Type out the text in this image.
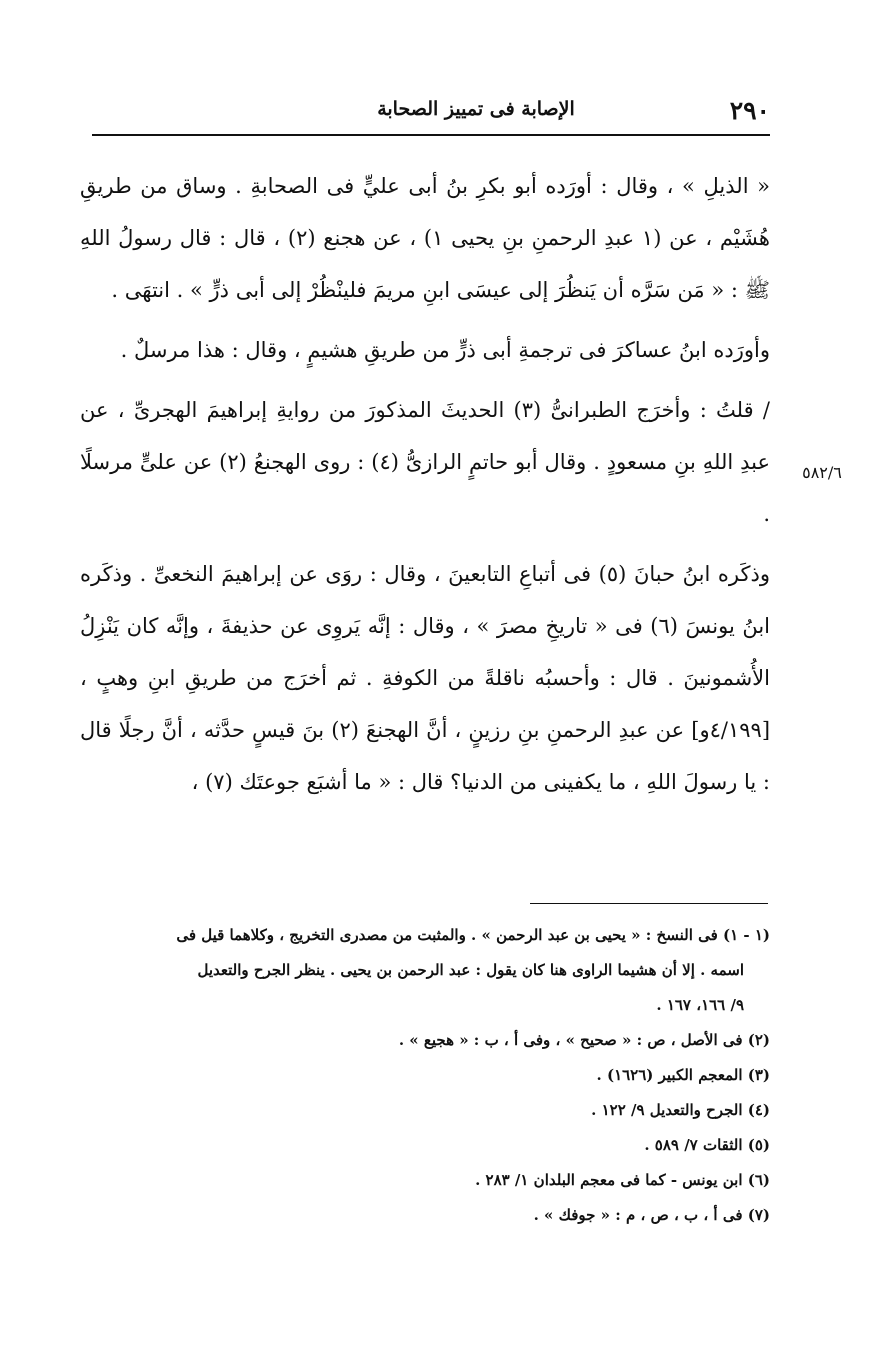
٢٩٠
الإصابة فى تمييز الصحابة
٥٨٢/٦

« الذيلِ » ، وقال : أورَده أبو بكرِ بنُ أبى عليٍّ فى الصحابةِ . وساق من طريقِ هُشَيْم ، عن (١ عبدِ الرحمنِ بنِ يحيى ١) ، عن هجنع (٢) ، قال : قال رسولُ اللهِ ﷺ : « مَن سَرَّه أن يَنظُرَ إلى عيسَى ابنِ مريمَ فلينْظُرْ إلى أبى ذرٍّ » . انتهَى .

وأورَده ابنُ عساكرَ فى ترجمةِ أبى ذرٍّ من طريقِ هشيمٍ ، وقال : هذا مرسلٌ .

/ قلتُ : وأخرَج الطبرانىُّ (٣) الحديثَ المذكورَ من روايةِ إبراهيمَ الهجرىِّ ، عن عبدِ اللهِ بنِ مسعودٍ . وقال أبو حاتمٍ الرازىُّ (٤) : روى الهجنعُ (٢) عن علىٍّ مرسلًا .

وذكَره ابنُ حبانَ (٥) فى أتباعِ التابعينَ ، وقال : روَى عن إبراهيمَ النخعىِّ . وذكَره ابنُ يونسَ (٦) فى « تاريخِ مصرَ » ، وقال : إنَّه يَروِى عن حذيفةَ ، وإنَّه كان يَنْزِلُ الأُشمونينَ . قال : وأحسبُه ناقلةً من الكوفةِ . ثم أخرَج من طريقِ ابنِ وهبٍ ، [٤/١٩٩و] عن عبدِ الرحمنِ بنِ رزينٍ ، أنَّ الهجنعَ (٢) بنَ قيسٍ حدَّثه ، أنَّ رجلًا قال : يا رسولَ اللهِ ، ما يكفينى من الدنيا؟ قال : « ما أشبَع جوعتَك (٧) ،

(١ - ١) فى النسخ : « يحيى بن عبد الرحمن » . والمثبت من مصدرى التخريج ، وكلاهما قيل فى

اسمه . إلا أن هشيما الراوى هنا كان يقول : عبد الرحمن بن يحيى . ينظر الجرح والتعديل

٩/ ١٦٦، ١٦٧ .

(٢) فى الأصل ، ص : « صحيح » ، وفى أ ، ب : « هجيع » .

(٣) المعجم الكبير (١٦٢٦) .

(٤) الجرح والتعديل ٩/ ١٢٢ .

(٥) الثقات ٧/ ٥٨٩ .

(٦) ابن يونس - كما فى معجم البلدان ١/ ٢٨٣ .

(٧) فى أ ، ب ، ص ، م : « جوفك » .
